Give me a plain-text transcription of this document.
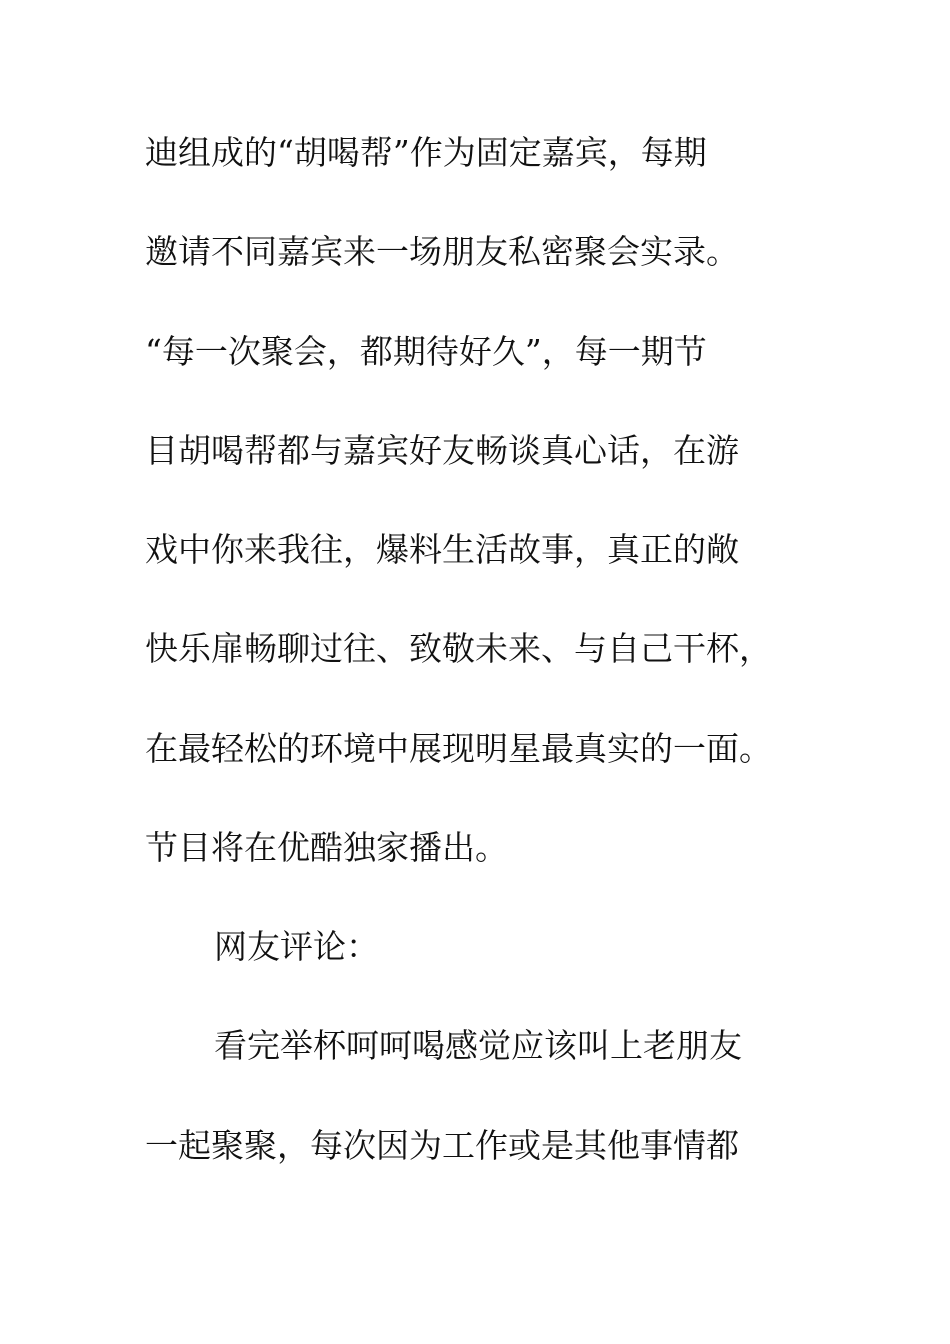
迪组成的“胡喝帮”作为固定嘉宾，每期
邀请不同嘉宾来一场朋友私密聚会实录。
“每一次聚会，都期待好久”，每一期节
目胡喝帮都与嘉宾好友畅谈真心话，在游
戏中你来我往，爆料生活故事，真正的敞
快乐扉畅聊过往、致敬未来、与自己干杯，
在最轻松的环境中展现明星最真实的一面。
节目将在优酷独家播出。
网友评论：
看完举杯呵呵喝感觉应该叫上老朋友
一起聚聚，每次因为工作或是其他事情都
